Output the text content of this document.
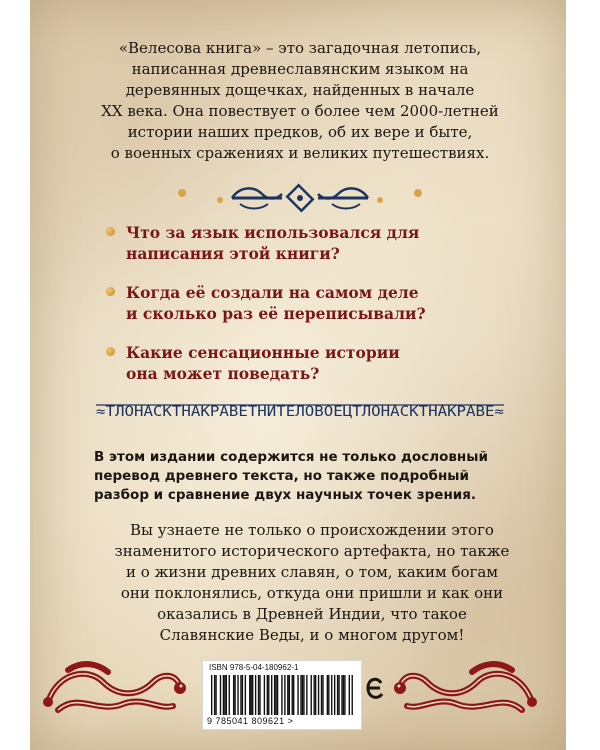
«Велесова книга» – это загадочная летопись,
написанная древнеславянским языком на
деревянных дощечках, найденных в начале
XX века. Она повествует о более чем 2000-летней
истории наших предков, об их вере и быте,
о военных сражениях и великих путешествиях.
Что за язык использовался для
написания этой книги?
Когда её создали на самом деле
и сколько раз её переписывали?
Какие сенсационные истории
она может поведать?
≈ТЛОНАСКТНАКРАВЕТНИТЕЛОВОЕЦТЛОНАСКТНАКРАВЕ≈
В этом издании содержится не только дословный
перевод древнего текста, но также подробный
разбор и сравнение двух научных точек зрения.
Вы узнаете не только о происхождении этого
знаменитого исторического артефакта, но также
и о жизни древних славян, о том, каким богам
они поклонялись, откуда они пришли и как они
оказались в Древней Индии, что такое
Славянские Веды, и о многом другом!
ISBN 978-5-04-180962-1
9 785041 809621 >
